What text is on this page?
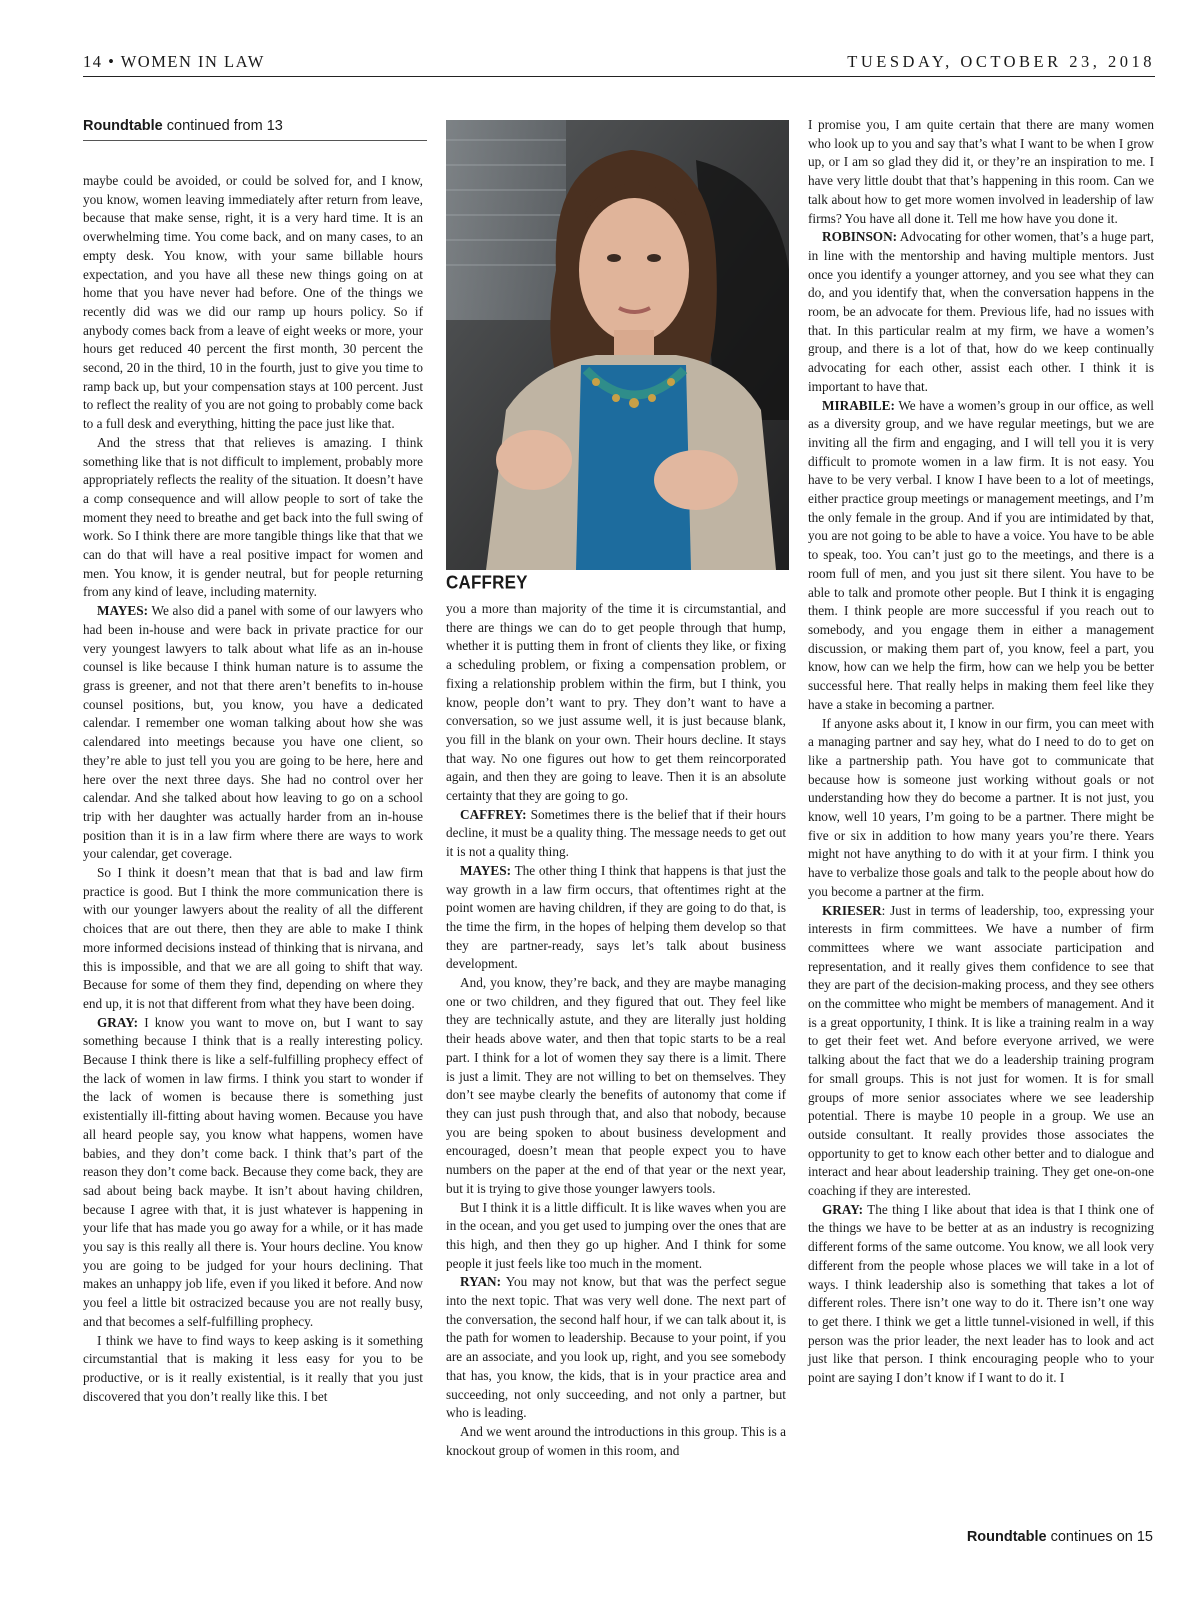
14 • WOMEN IN LAW	TUESDAY, OCTOBER 23, 2018
Roundtable continued from 13

maybe could be avoided, or could be solved for, and I know, you know, women leaving immediately after return from leave, because that make sense, right, it is a very hard time. It is an overwhelming time. You come back, and on many cases, to an empty desk. You know, with your same billable hours expectation, and you have all these new things going on at home that you have never had before. One of the things we recently did was we did our ramp up hours policy. So if anybody comes back from a leave of eight weeks or more, your hours get reduced 40 percent the first month, 30 percent the second, 20 in the third, 10 in the fourth, just to give you time to ramp back up, but your compensation stays at 100 percent. Just to reflect the reality of you are not going to probably come back to a full desk and everything, hitting the pace just like that.

And the stress that that relieves is amazing. I think something like that is not difficult to implement, probably more appropriately reflects the reality of the situation. It doesn’t have a comp consequence and will allow people to sort of take the moment they need to breathe and get back into the full swing of work. So I think there are more tangible things like that that we can do that will have a real positive impact for women and men. You know, it is gender neutral, but for people returning from any kind of leave, including maternity.

MAYES: We also did a panel with some of our lawyers who had been in-house and were back in private practice for our very youngest lawyers to talk about what life as an in-house counsel is like because I think human nature is to assume the grass is greener, and not that there aren’t benefits to in-house counsel positions, but, you know, you have a dedicated calendar. I remember one woman talking about how she was calendared into meetings because you have one client, so they’re able to just tell you you are going to be here, here and here over the next three days. She had no control over her calendar. And she talked about how leaving to go on a school trip with her daughter was actually harder from an in-house position than it is in a law firm where there are ways to work your calendar, get coverage.

So I think it doesn’t mean that that is bad and law firm practice is good. But I think the more communication there is with our younger lawyers about the reality of all the different choices that are out there, then they are able to make I think more informed decisions instead of thinking that is nirvana, and this is impossible, and that we are all going to shift that way. Because for some of them they find, depending on where they end up, it is not that different from what they have been doing.

GRAY: I know you want to move on, but I want to say something because I think that is a really interesting policy. Because I think there is like a self-fulfilling prophecy effect of the lack of women in law firms. I think you start to wonder if the lack of women is because there is something just existentially ill-fitting about having women. Because you have all heard people say, you know what happens, women have babies, and they don’t come back. I think that’s part of the reason they don’t come back. Because they come back, they are sad about being back maybe. It isn’t about having children, because I agree with that, it is just whatever is happening in your life that has made you go away for a while, or it has made you say is this really all there is. Your hours decline. You know you are going to be judged for your hours declining. That makes an unhappy job life, even if you liked it before. And now you feel a little bit ostracized because you are not really busy, and that becomes a self-fulfilling prophecy.

I think we have to find ways to keep asking is it something circumstantial that is making it less easy for you to be productive, or is it really existential, is it really that you just discovered that you don’t really like this. I bet

CAFFREY

you a more than majority of the time it is circumstantial, and there are things we can do to get people through that hump, whether it is putting them in front of clients they like, or fixing a scheduling problem, or fixing a compensation problem, or fixing a relationship problem within the firm, but I think, you know, people don’t want to pry. They don’t want to have a conversation, so we just assume well, it is just because blank, you fill in the blank on your own. Their hours decline. It stays that way. No one figures out how to get them reincorporated again, and then they are going to leave. Then it is an absolute certainty that they are going to go.

CAFFREY: Sometimes there is the belief that if their hours decline, it must be a quality thing. The message needs to get out it is not a quality thing.

MAYES: The other thing I think that happens is that just the way growth in a law firm occurs, that oftentimes right at the point women are having children, if they are going to do that, is the time the firm, in the hopes of helping them develop so that they are partner-ready, says let’s talk about business development.

And, you know, they’re back, and they are maybe managing one or two children, and they figured that out. They feel like they are technically astute, and they are literally just holding their heads above water, and then that topic starts to be a real part. I think for a lot of women they say there is a limit. There is just a limit. They are not willing to bet on themselves. They don’t see maybe clearly the benefits of autonomy that come if they can just push through that, and also that nobody, because you are being spoken to about business development and encouraged, doesn’t mean that people expect you to have numbers on the paper at the end of that year or the next year, but it is trying to give those younger lawyers tools.

But I think it is a little difficult. It is like waves when you are in the ocean, and you get used to jumping over the ones that are this high, and then they go up higher. And I think for some people it just feels like too much in the moment.

RYAN: You may not know, but that was the perfect segue into the next topic. That was very well done. The next part of the conversation, the second half hour, if we can talk about it, is the path for women to leadership. Because to your point, if you are an associate, and you look up, right, and you see somebody that has, you know, the kids, that is in your practice area and succeeding, not only succeeding, and not only a partner, but who is leading.

And we went around the introductions in this group. This is a knockout group of women in this room, and

I promise you, I am quite certain that there are many women who look up to you and say that’s what I want to be when I grow up, or I am so glad they did it, or they’re an inspiration to me. I have very little doubt that that’s happening in this room. Can we talk about how to get more women involved in leadership of law firms? You have all done it. Tell me how have you done it.

ROBINSON: Advocating for other women, that’s a huge part, in line with the mentorship and having multiple mentors. Just once you identify a younger attorney, and you see what they can do, and you identify that, when the conversation happens in the room, be an advocate for them. Previous life, had no issues with that. In this particular realm at my firm, we have a women’s group, and there is a lot of that, how do we keep continually advocating for each other, assist each other. I think it is important to have that.

MIRABILE: We have a women’s group in our office, as well as a diversity group, and we have regular meetings, but we are inviting all the firm and engaging, and I will tell you it is very difficult to promote women in a law firm. It is not easy. You have to be very verbal. I know I have been to a lot of meetings, either practice group meetings or management meetings, and I’m the only female in the group. And if you are intimidated by that, you are not going to be able to have a voice. You have to be able to speak, too. You can’t just go to the meetings, and there is a room full of men, and you just sit there silent. You have to be able to talk and promote other people. But I think it is engaging them. I think people are more successful if you reach out to somebody, and you engage them in either a management discussion, or making them part of, you know, feel a part, you know, how can we help the firm, how can we help you be better successful here. That really helps in making them feel like they have a stake in becoming a partner.

If anyone asks about it, I know in our firm, you can meet with a managing partner and say hey, what do I need to do to get on like a partnership path. You have got to communicate that because how is someone just working without goals or not understanding how they do become a partner. It is not just, you know, well 10 years, I’m going to be a partner. There might be five or six in addition to how many years you’re there. Years might not have anything to do with it at your firm. I think you have to verbalize those goals and talk to the people about how do you become a partner at the firm.

KRIESER: Just in terms of leadership, too, expressing your interests in firm committees. We have a number of firm committees where we want associate participation and representation, and it really gives them confidence to see that they are part of the decision-making process, and they see others on the committee who might be members of management. And it is a great opportunity, I think. It is like a training realm in a way to get their feet wet. And before everyone arrived, we were talking about the fact that we do a leadership training program for small groups. This is not just for women. It is for small groups of more senior associates where we see leadership potential. There is maybe 10 people in a group. We use an outside consultant. It really provides those associates the opportunity to get to know each other better and to dialogue and interact and hear about leadership training. They get one-on-one coaching if they are interested.

GRAY: The thing I like about that idea is that I think one of the things we have to be better at as an industry is recognizing different forms of the same outcome. You know, we all look very different from the people whose places we will take in a lot of ways. I think leadership also is something that takes a lot of different roles. There isn’t one way to do it. There isn’t one way to get there. I think we get a little tunnel-visioned in well, if this person was the prior leader, the next leader has to look and act just like that person. I think encouraging people who to your point are saying I don’t know if I want to do it. I

Roundtable continues on 15
